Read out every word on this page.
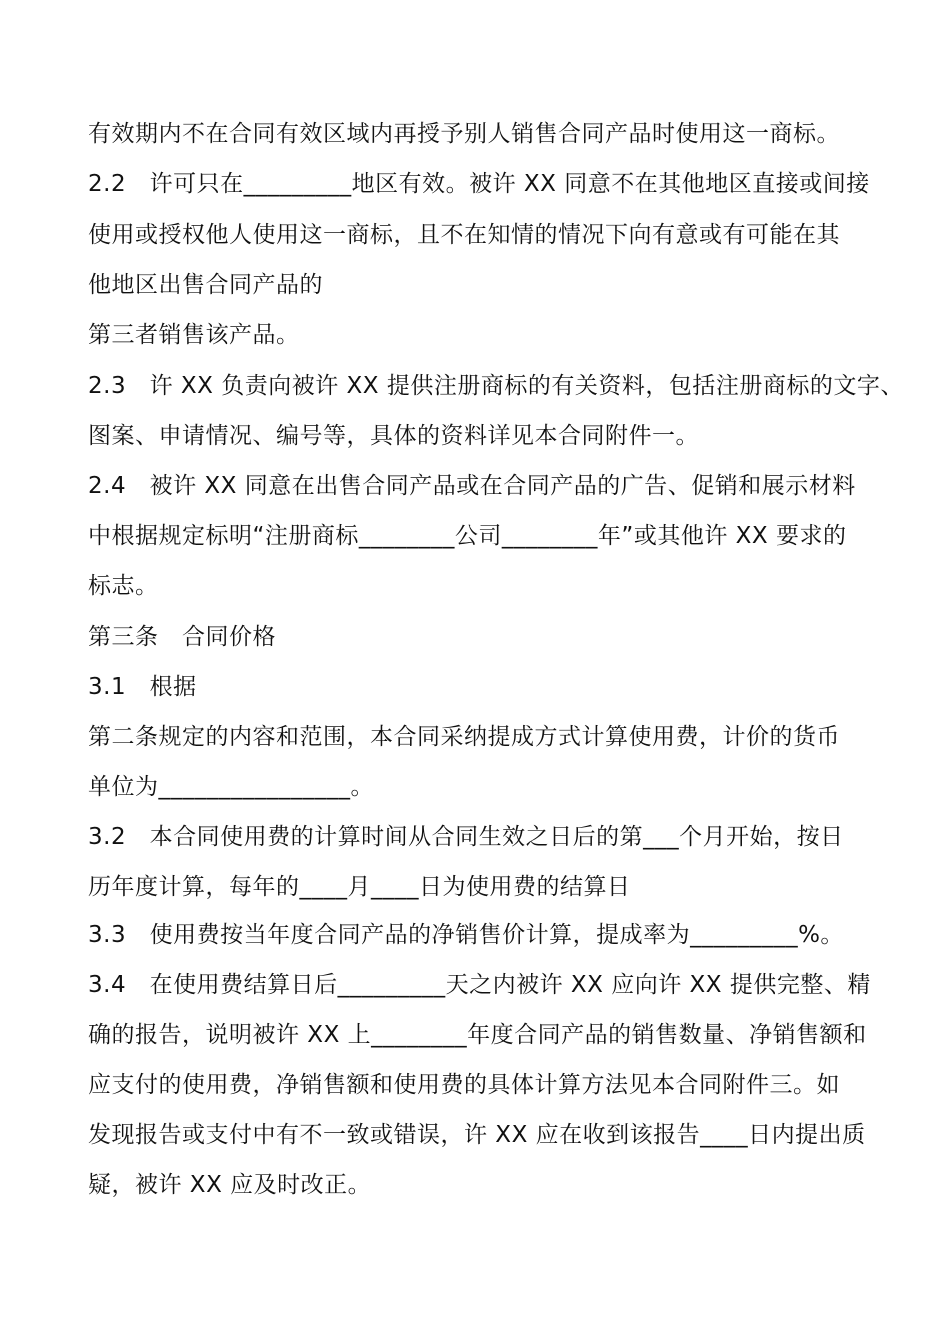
有效期内不在合同有效区域内再授予别人销售合同产品时使用这一商标。
2.2　许可只在_________地区有效。被许 XX 同意不在其他地区直接或间接
使用或授权他人使用这一商标，且不在知情的情况下向有意或有可能在其
他地区出售合同产品的
第三者销售该产品。
2.3　许 XX 负责向被许 XX 提供注册商标的有关资料，包括注册商标的文字、
图案、申请情况、编号等，具体的资料详见本合同附件一。
2.4　被许 XX 同意在出售合同产品或在合同产品的广告、促销和展示材料
中根据规定标明“注册商标________公司________年”或其他许 XX 要求的
标志。
第三条　合同价格
3.1　根据
第二条规定的内容和范围，本合同采纳提成方式计算使用费，计价的货币
单位为________________。
3.2　本合同使用费的计算时间从合同生效之日后的第___个月开始，按日
历年度计算，每年的____月____日为使用费的结算日
3.3　使用费按当年度合同产品的净销售价计算，提成率为_________%。
3.4　在使用费结算日后_________天之内被许 XX 应向许 XX 提供完整、精
确的报告，说明被许 XX 上________年度合同产品的销售数量、净销售额和
应支付的使用费，净销售额和使用费的具体计算方法见本合同附件三。如
发现报告或支付中有不一致或错误，许 XX 应在收到该报告____日内提出质
疑，被许 XX 应及时改正。
